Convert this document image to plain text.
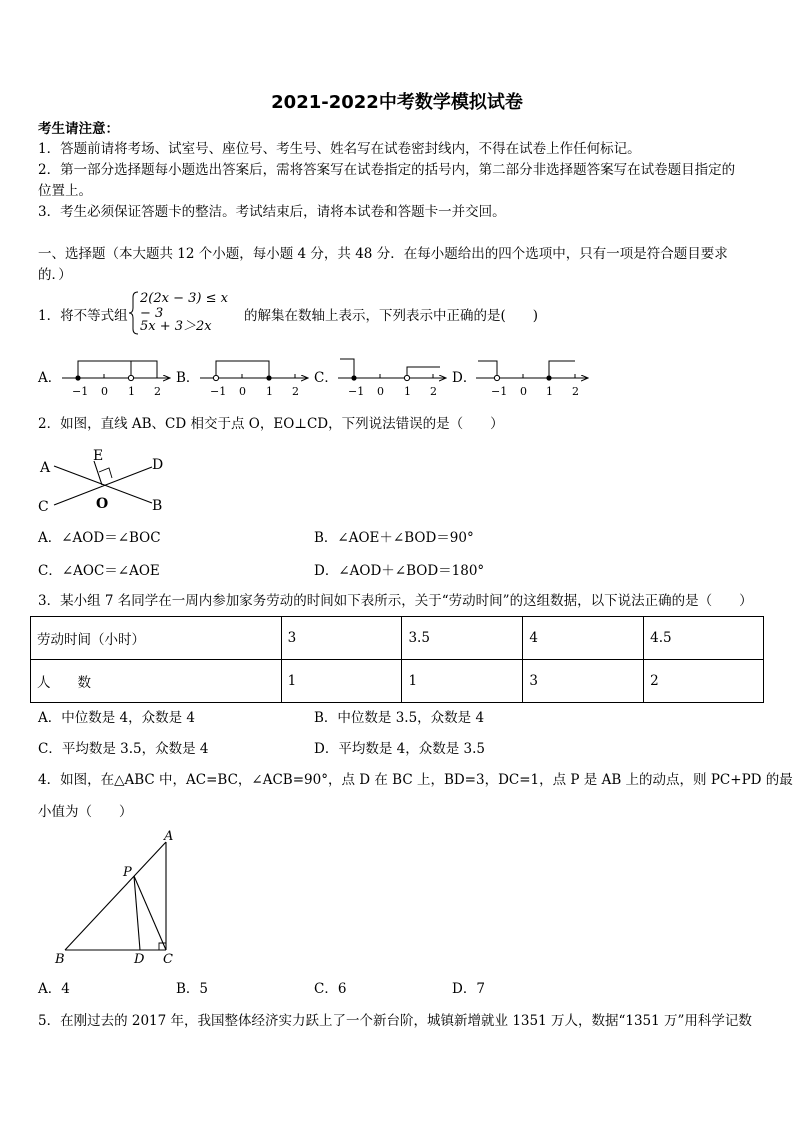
2021-2022中考数学模拟试卷
考生请注意：
1．答题前请将考场、试室号、座位号、考生号、姓名写在试卷密封线内，不得在试卷上作任何标记。
2．第一部分选择题每小题选出答案后，需将答案写在试卷指定的括号内，第二部分非选择题答案写在试卷题目指定的
位置上。
3．考生必须保证答题卡的整洁。考试结束后，请将本试卷和答题卡一并交回。
一、选择题（本大题共 12 个小题，每小题 4 分，共 48 分．在每小题给出的四个选项中，只有一项是符合题目要求
的．）
1．将不等式组
2(2x − 3) ≤ x − 3
5x + 3＞2x
的解集在数轴上表示，下列表示中正确的是(　　)
A．	B．	C．	D．
−1 0 1 2	−1 0 1 2	−1 0 1 2	−1 0 1 2
2．如图，直线 AB、CD 相交于点 O，EO⊥CD，下列说法错误的是（　　）
A
E
D
C	O	B
A．∠AOD＝∠BOC	B．∠AOE＋∠BOD＝90°
C．∠AOC＝∠AOE	D．∠AOD＋∠BOD＝180°
3．某小组 7 名同学在一周内参加家务劳动的时间如下表所示，关于“劳动时间”的这组数据，以下说法正确的是（　　）
劳动时间（小时）	3	3.5	4	4.5
人　　数	1	1	3	2
A．中位数是 4，众数是 4	B．中位数是 3.5，众数是 4
C．平均数是 3.5，众数是 4	D．平均数是 4，众数是 3.5
4．如图，在△ABC 中，AC=BC，∠ACB=90°，点 D 在 BC 上，BD=3，DC=1，点 P 是 AB 上的动点，则 PC+PD 的最
小值为（　　）
A
P
B	D C
A．4	B．5	C．6	D．7
5．在刚过去的 2017 年，我国整体经济实力跃上了一个新台阶，城镇新增就业 1351 万人，数据“1351 万”用科学记数
